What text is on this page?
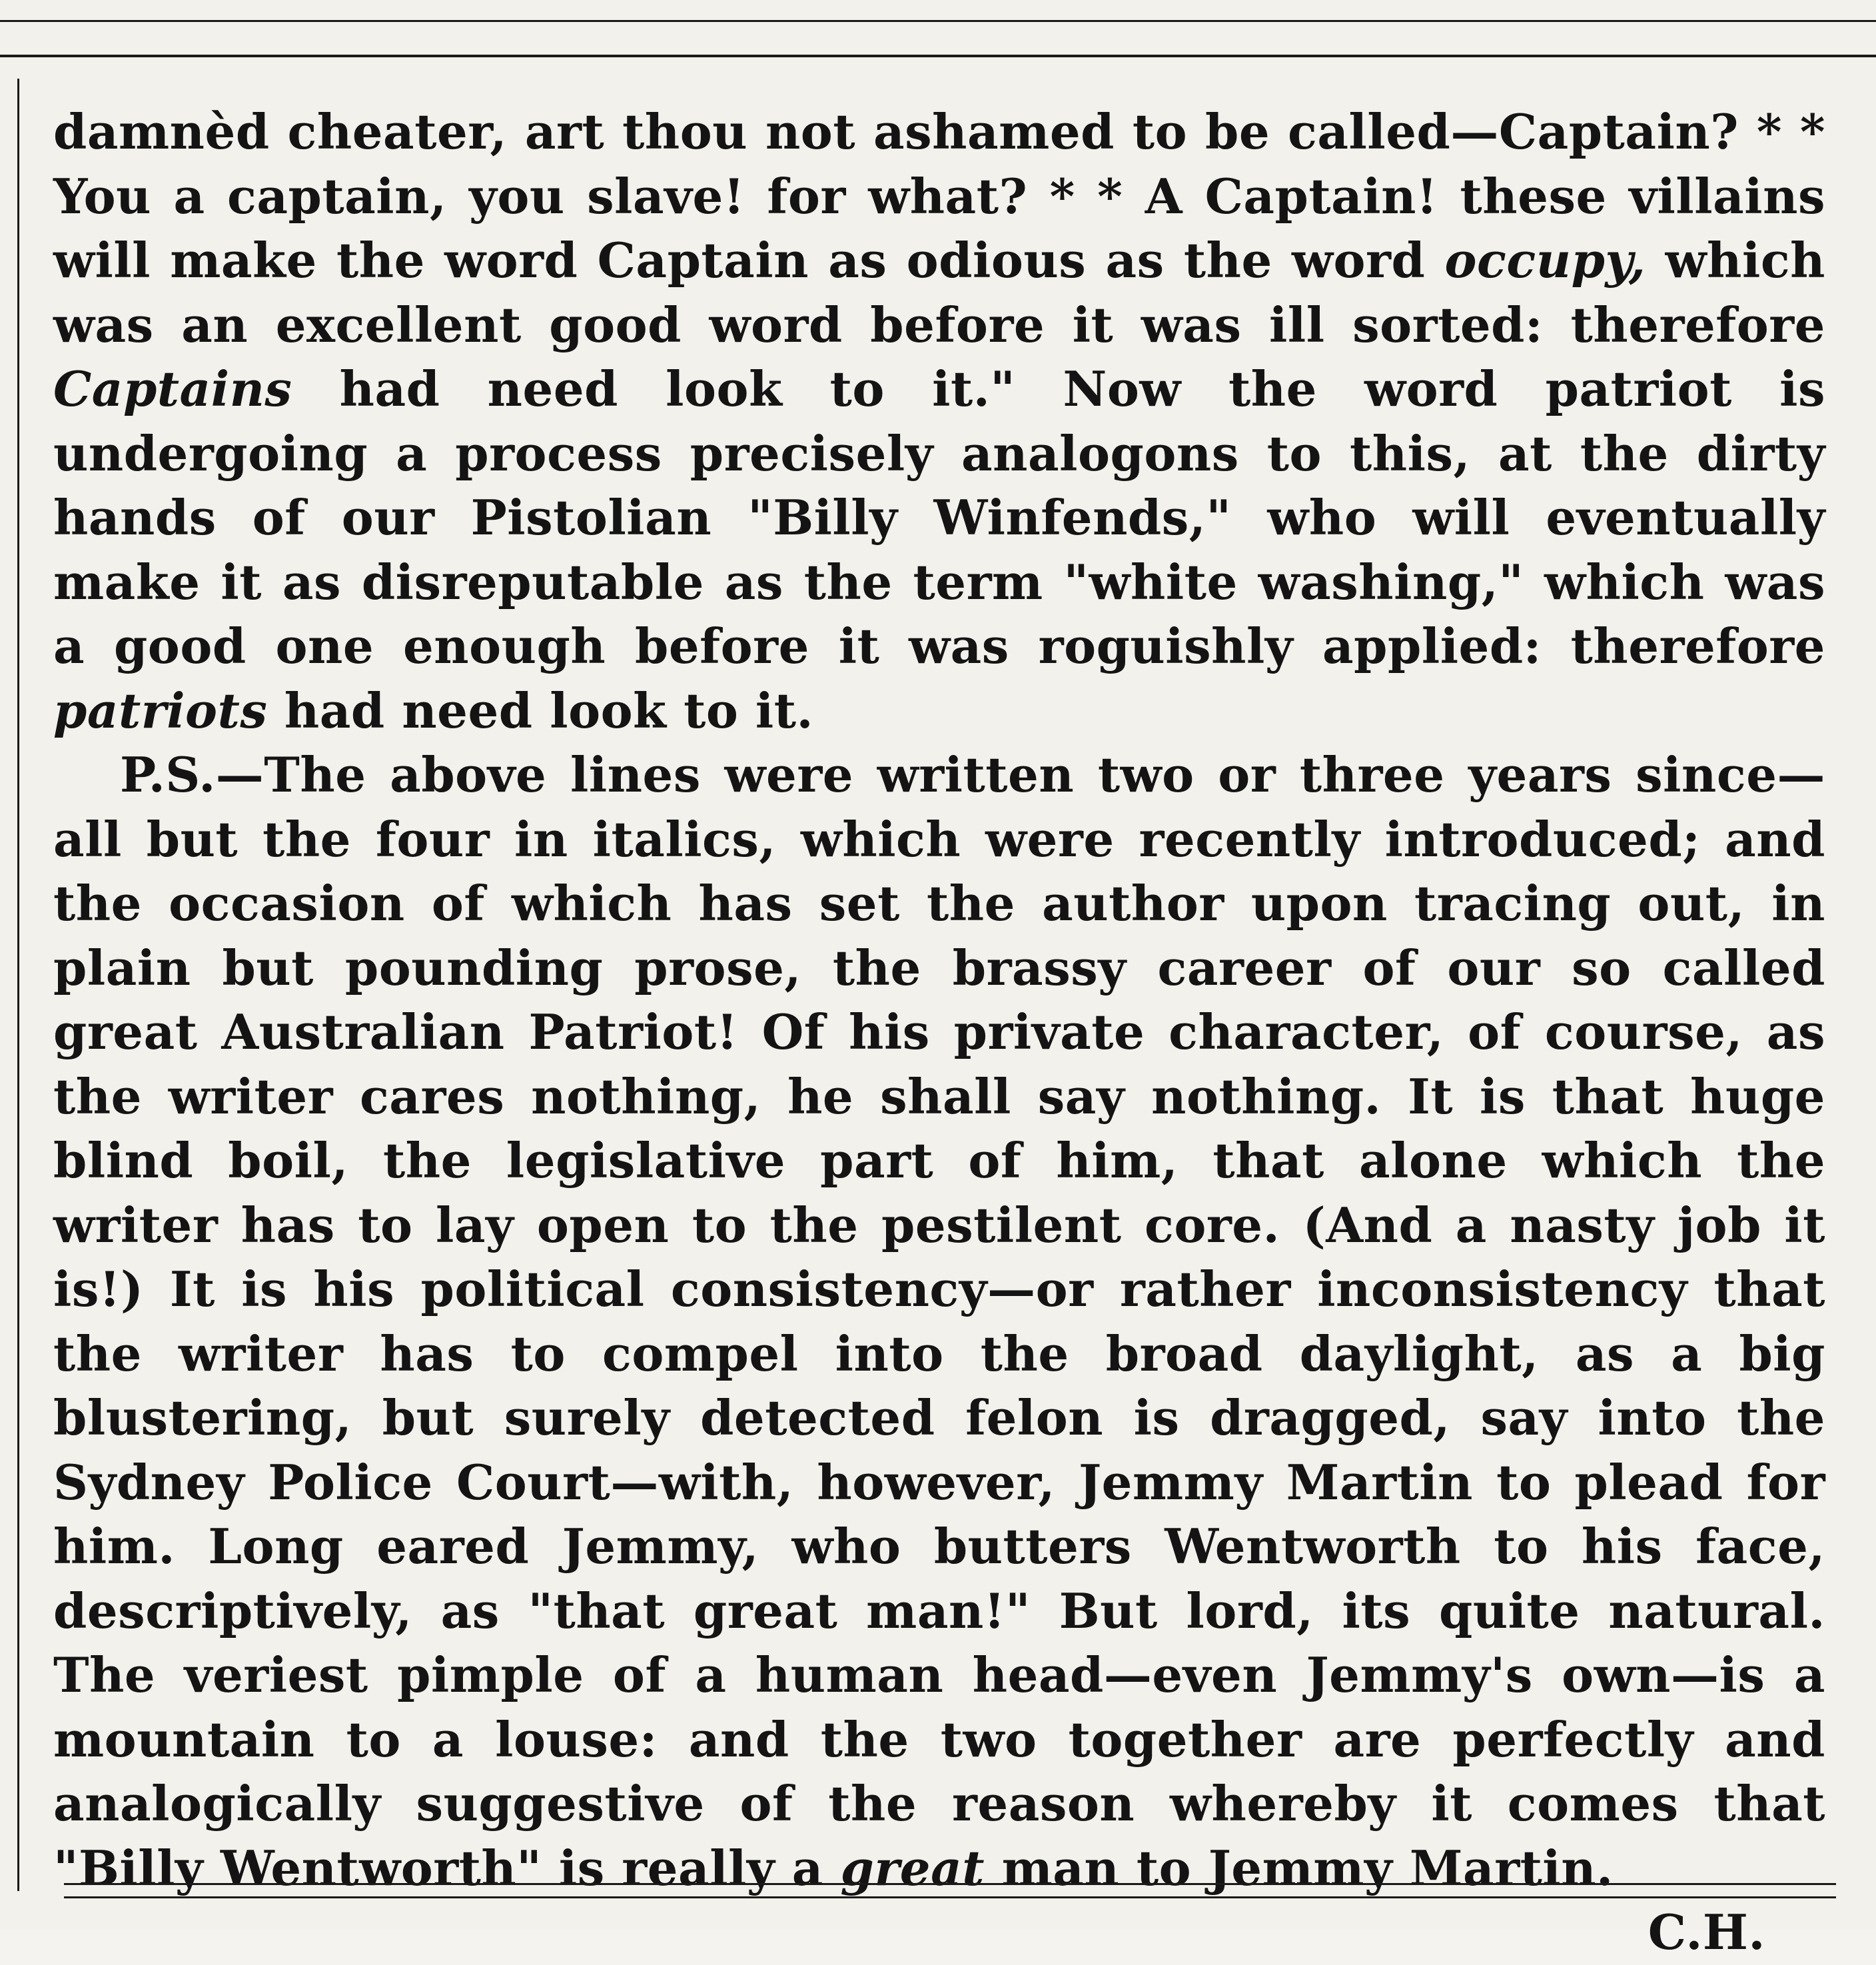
damnèd cheater, art thou not ashamed to be called—Captain? * * You a captain, you slave! for what? * * A Captain! these villains will make the word Captain as odious as the word occupy, which was an excellent good word before it was ill sorted: therefore Captains had need look to it." Now the word patriot is undergoing a process precisely analogons to this, at the dirty hands of our Pistolian "Billy Winfends," who will eventually make it as disreputable as the term "white washing," which was a good one enough before it was roguishly applied: therefore patriots had need look to it.

P.S.—The above lines were written two or three years since—all but the four in italics, which were recently introduced; and the occasion of which has set the author upon tracing out, in plain but pounding prose, the brassy career of our so called great Australian Patriot! Of his private character, of course, as the writer cares nothing, he shall say nothing. It is that huge blind boil, the legislative part of him, that alone which the writer has to lay open to the pestilent core. (And a nasty job it is!) It is his political consistency—or rather inconsistency that the writer has to compel into the broad daylight, as a big blustering, but surely detected felon is dragged, say into the Sydney Police Court—with, however, Jemmy Martin to plead for him. Long eared Jemmy, who butters Wentworth to his face, descriptively, as "that great man!" But lord, its quite natural. The veriest pimple of a human head—even Jemmy's own—is a mountain to a louse: and the two together are perfectly and analogically suggestive of the reason whereby it comes that "Billy Wentworth" is really a great man to Jemmy Martin.
C.H.
